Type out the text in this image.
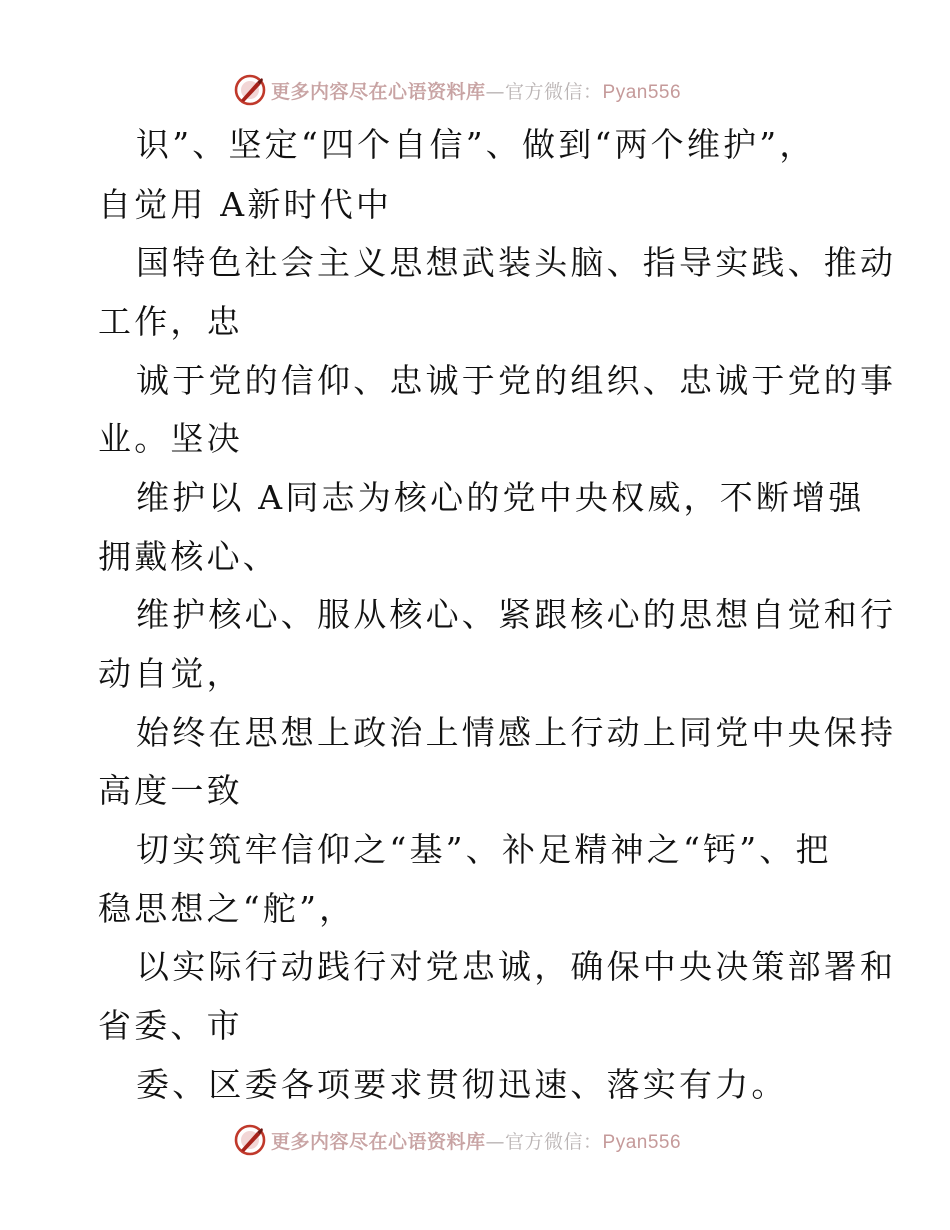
更多内容尽在心语资料库—官方微信：Pyan556
识”、坚定“四个自信”、做到“两个维护”，
自觉用 A新时代中
国特色社会主义思想武装头脑、指导实践、推动
工作，忠
诚于党的信仰、忠诚于党的组织、忠诚于党的事
业。坚决
维护以 A同志为核心的党中央权威，不断增强
拥戴核心、
维护核心、服从核心、紧跟核心的思想自觉和行
动自觉，
始终在思想上政治上情感上行动上同党中央保持
高度一致
切实筑牢信仰之“基”、补足精神之“钙”、把
稳思想之“舵”，
以实际行动践行对党忠诚，确保中央决策部署和
省委、市
委、区委各项要求贯彻迅速、落实有力。
更多内容尽在心语资料库—官方微信：Pyan556
